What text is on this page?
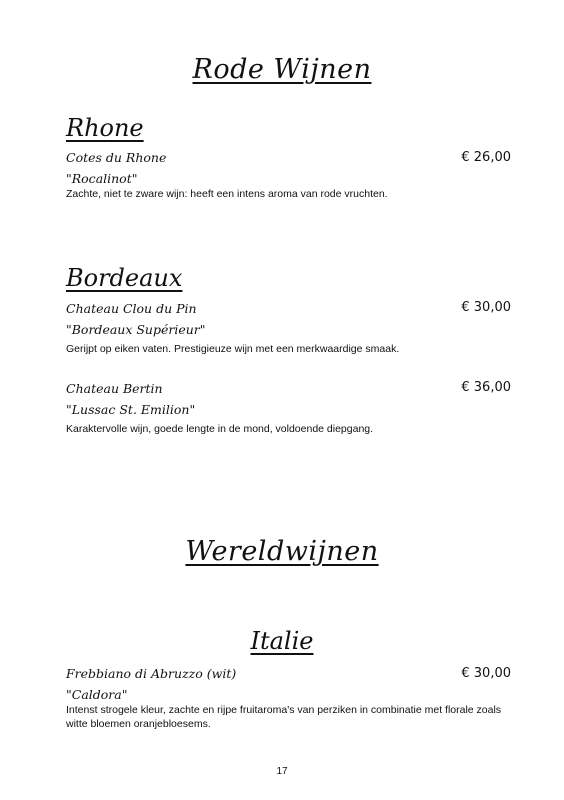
Rode Wijnen
Rhone
Cotes du Rhone	€ 26,00
"Rocalinot"
Zachte, niet te zware wijn: heeft een intens aroma van rode vruchten.
Bordeaux
Chateau Clou du Pin	€ 30,00
"Bordeaux Supérieur"
Gerijpt op eiken vaten. Prestigieuze wijn met een merkwaardige smaak.
Chateau Bertin	€ 36,00
"Lussac St. Emilion"
Karaktervolle wijn, goede lengte in de mond, voldoende diepgang.
Wereldwijnen
Italie
Frebbiano di Abruzzo (wit)	€ 30,00
"Caldora"
Intenst strogele kleur, zachte en rijpe fruitaroma's van perziken in combinatie met florale zoals witte bloemen oranjebloesems.
17
